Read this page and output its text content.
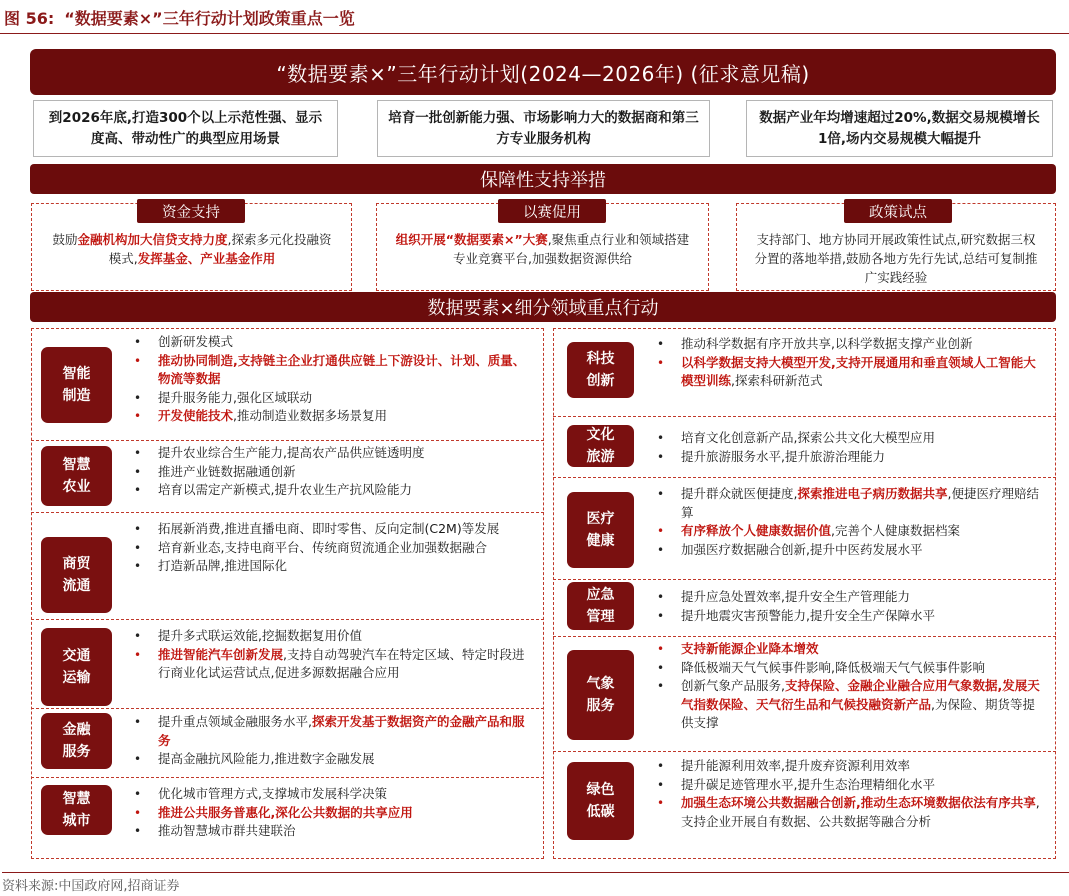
图 56: “数据要素×”三年行动计划政策重点一览
“数据要素×”三年行动计划(2024—2026年) (征求意见稿)
到2026年底,打造300个以上示范性强、显示度高、带动性广的典型应用场景
培育一批创新能力强、市场影响力大的数据商和第三方专业服务机构
数据产业年均增速超过20%,数据交易规模增长1倍,场内交易规模大幅提升
保障性支持举措
资金支持
鼓励金融机构加大信贷支持力度,探索多元化投融资模式,发挥基金、产业基金作用
以赛促用
组织开展“数据要素×”大赛,聚焦重点行业和领域搭建专业竞赛平台,加强数据资源供给
政策试点
支持部门、地方协同开展政策性试点,研究数据三权分置的落地举措,鼓励各地方先行先试,总结可复制推广实践经验
数据要素×细分领域重点行动
智能
制造
• 创新研发模式
• 推动协同制造,支持链主企业打通供应链上下游设计、计划、质量、物流等数据
• 提升服务能力,强化区域联动
• 开发使能技术,推动制造业数据多场景复用
智慧
农业
• 提升农业综合生产能力,提高农产品供应链透明度
• 推进产业链数据融通创新
• 培育以需定产新模式,提升农业生产抗风险能力
商贸
流通
• 拓展新消费,推进直播电商、即时零售、反向定制(C2M)等发展
• 培育新业态,支持电商平台、传统商贸流通企业加强数据融合
• 打造新品牌,推进国际化
交通
运输
• 提升多式联运效能,挖掘数据复用价值
• 推进智能汽车创新发展,支持自动驾驶汽车在特定区域、特定时段进行商业化试运营试点,促进多源数据融合应用
金融
服务
• 提升重点领域金融服务水平,探索开发基于数据资产的金融产品和服务
• 提高金融抗风险能力,推进数字金融发展
智慧
城市
• 优化城市管理方式,支撑城市发展科学决策
• 推进公共服务普惠化,深化公共数据的共享应用
• 推动智慧城市群共建联治
科技
创新
• 推动科学数据有序开放共享,以科学数据支撑产业创新
• 以科学数据支持大模型开发,支持开展通用和垂直领域人工智能大模型训练,探索科研新范式
文化
旅游
• 培育文化创意新产品,探索公共文化大模型应用
• 提升旅游服务水平,提升旅游治理能力
医疗
健康
• 提升群众就医便捷度,探索推进电子病历数据共享,便捷医疗理赔结算
• 有序释放个人健康数据价值,完善个人健康数据档案
• 加强医疗数据融合创新,提升中医药发展水平
应急
管理
• 提升应急处置效率,提升安全生产管理能力
• 提升地震灾害预警能力,提升安全生产保障水平
气象
服务
• 支持新能源企业降本增效
• 降低极端天气气候事件影响,降低极端天气气候事件影响
• 创新气象产品服务,支持保险、金融企业融合应用气象数据,发展天气指数保险、天气衍生品和气候投融资新产品,为保险、期货等提供支撑
绿色
低碳
• 提升能源利用效率,提升废弃资源利用效率
• 提升碳足迹管理水平,提升生态治理精细化水平
• 加强生态环境公共数据融合创新,推动生态环境数据依法有序共享,支持企业开展自有数据、公共数据等融合分析
资料来源:中国政府网,招商证券
